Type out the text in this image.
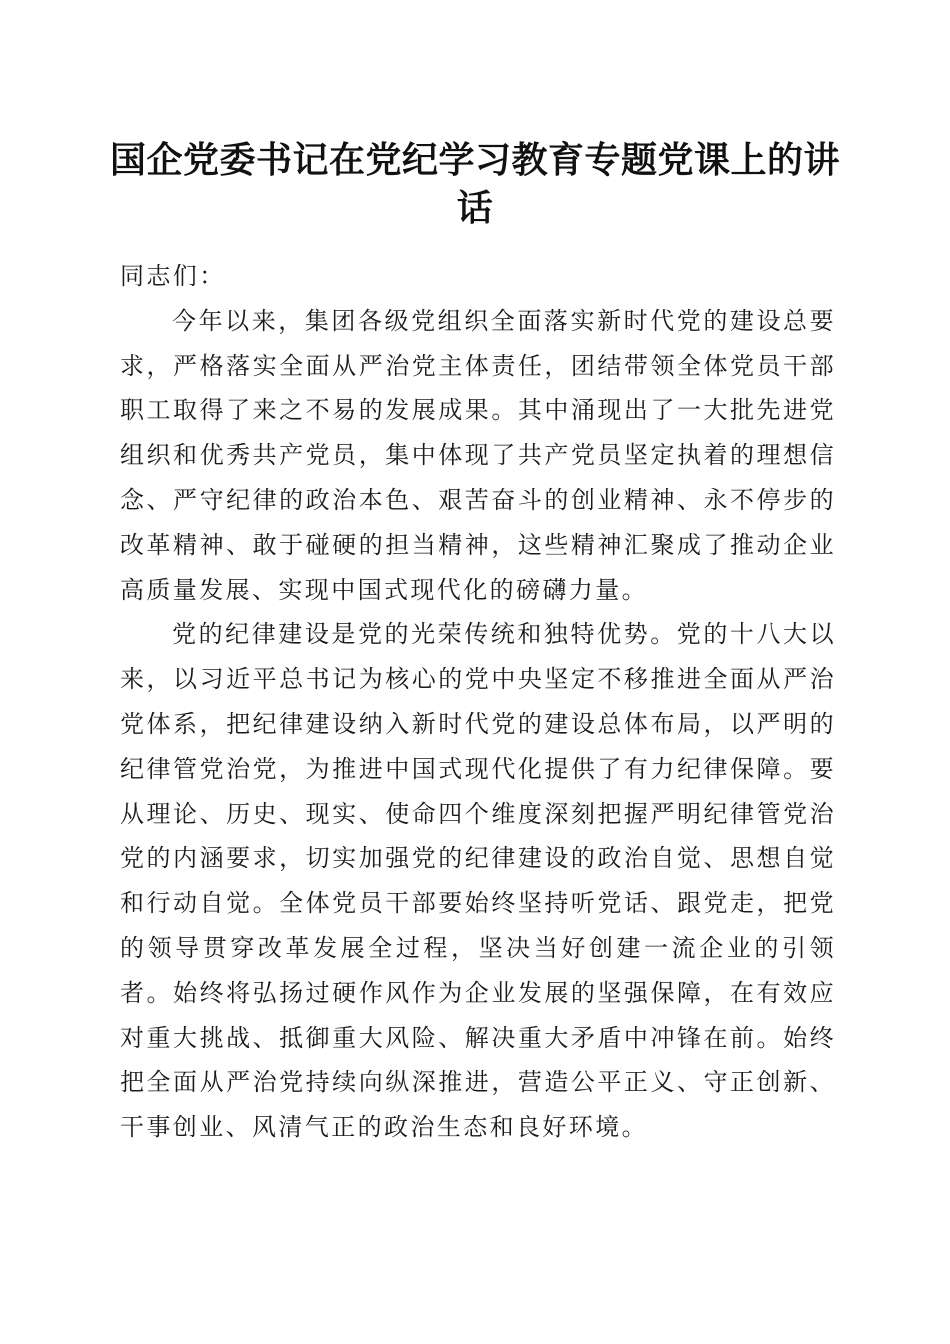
国企党委书记在党纪学习教育专题党课上的讲话

同志们：

今年以来，集团各级党组织全面落实新时代党的建设总要求，严格落实全面从严治党主体责任，团结带领全体党员干部职工取得了来之不易的发展成果。其中涌现出了一大批先进党组织和优秀共产党员，集中体现了共产党员坚定执着的理想信念、严守纪律的政治本色、艰苦奋斗的创业精神、永不停步的改革精神、敢于碰硬的担当精神，这些精神汇聚成了推动企业高质量发展、实现中国式现代化的磅礴力量。

党的纪律建设是党的光荣传统和独特优势。党的十八大以来，以习近平总书记为核心的党中央坚定不移推进全面从严治党体系，把纪律建设纳入新时代党的建设总体布局，以严明的纪律管党治党，为推进中国式现代化提供了有力纪律保障。要从理论、历史、现实、使命四个维度深刻把握严明纪律管党治党的内涵要求，切实加强党的纪律建设的政治自觉、思想自觉和行动自觉。全体党员干部要始终坚持听党话、跟党走，把党的领导贯穿改革发展全过程，坚决当好创建一流企业的引领者。始终将弘扬过硬作风作为企业发展的坚强保障，在有效应对重大挑战、抵御重大风险、解决重大矛盾中冲锋在前。始终把全面从严治党持续向纵深推进，营造公平正义、守正创新、干事创业、风清气正的政治生态和良好环境。
